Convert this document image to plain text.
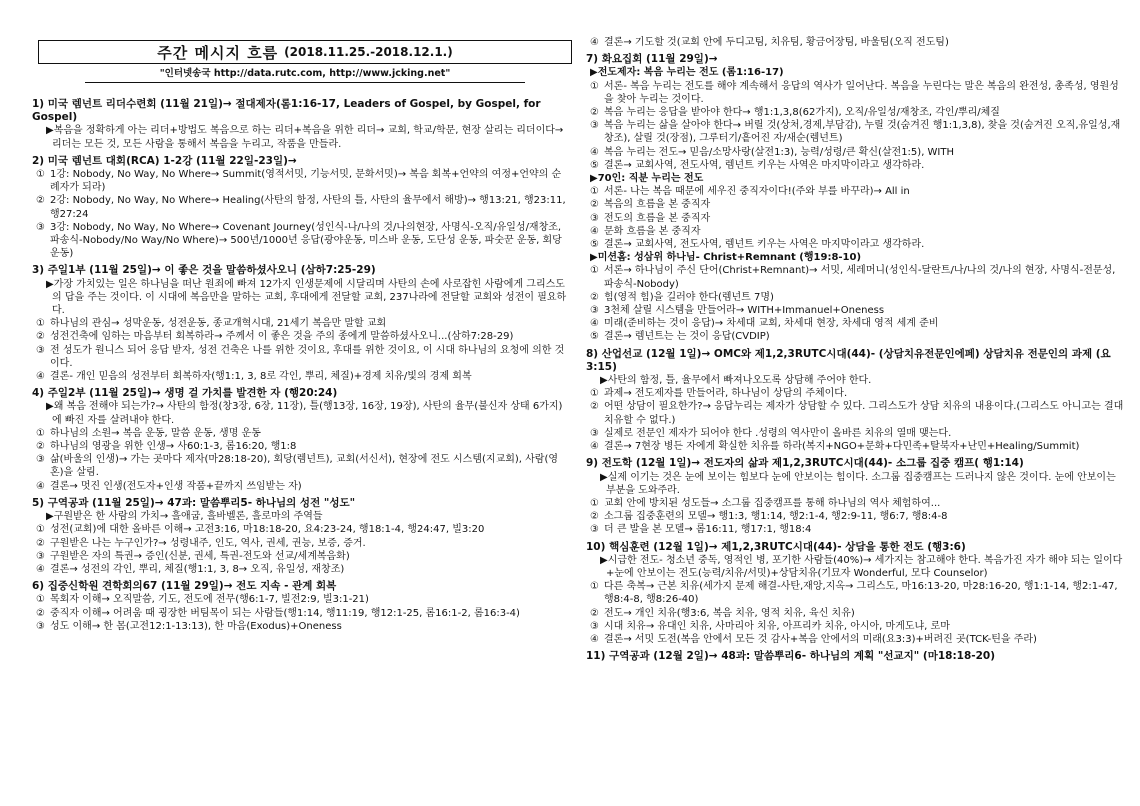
주간 메시지 흐름 (2018.11.25.-2018.12.1.)
"인터넷송국 http://data.rutc.com, http://www.jcking.net"
1) 미국 렘넌트 리더수련회 (11월 21일)→ 절대제자(롬1:16-17, Leaders of Gospel, by Gospel, for Gospel)
▶복음을 정확하게 아는 리더+방법도 복음으로 하는 리더+복음을 위한 리더→ 교회, 학교/학문, 현장 살리는 리더이다→ 리더는 모든 것, 모든 사람을 통해서 복음을 누리고, 작품을 만들라.
2) 미국 렘넌트 대회(RCA) 1-2강 (11월 22일-23일)→
① 1강: Nobody, No Way, No Where→ Summit(영적서밋, 기능서밋, 문화서밋)→ 복음 회복+언약의 여정+언약의 순례자가 되라)
② 2강: Nobody, No Way, No Where→ Healing(사탄의 함정, 사탄의 틀, 사탄의 율무에서 해방)→ 행13:21, 행23:11, 행27:24
③ 3강: Nobody, No Way, No Where→ Covenant Journey(성인식-나/나의 것/나의현장, 사명식-오직/유일성/재창조, 파송식-Nobody/No Way/No Where)→ 500년/1000년 응답(광야운동, 미스바 운동, 도단성 운동, 파숫꾼 운동, 회당 운동)
3) 주일1부 (11월 25일)→ 이 좋은 것을 말씀하셨사오니 (삼하7:25-29)
▶가장 가치있는 일은 하나님을 떠난 원죄에 빠져 12가지 인생문제에 시달리며 사탄의 손에 사로잡힌 사람에게 그리스도의 답을 주는 것이다. 이 시대에 복음만을 말하는 교회, 후대에게 전달할 교회, 237나라에 전달할 교회와 성전이 필요하다.
① 하나님의 관심→ 성막운동, 성전운동, 종교개혁시대, 21세기 복음만 말할 교회
② 성전건축에 임하는 마음부터 회복하라→ 주께서 이 좋은 것을 주의 종에게 말씀하셨사오니...(삼하7:28-29)
③ 전 성도가 원니스 되어 응답 받자, 성전 건축은 나를 위한 것이요, 후대를 위한 것이요, 이 시대 하나님의 요청에 의한 것이다.
④ 결론- 개인 믿음의 성전부터 회복하자(행1:1, 3, 8로 각인, 뿌리, 체질)+경제 치유/빛의 경제 회복
4) 주일2부 (11월 25일)→ 생명 걸 가치를 발견한 자 (행20:24)
▶왜 복음 전해야 되는가?→ 사탄의 함정(창3장, 6장, 11장), 틀(행13장, 16장, 19장), 사탄의 율무(불신자 상태 6가지)에 빠진 자를 살려내야 한다.
① 하나님의 소원→ 복음 운동, 말씀 운동, 생명 운동
② 하나님의 영광을 위한 인생→ 사60:1-3, 롬16:20, 행1:8
③ 삶(바울의 인생)→ 가는 곳마다 제자(마28:18-20), 회당(렘넌트), 교회(서신서), 현장에 전도 시스템(지교회), 사람(영혼)을 살림.
④ 결론→ 멋진 인생(전도자+인생 작품+끝까지 쓰임받는 자)
5) 구역공과 (11월 25일)→ 47과: 말씀뿌리5- 하나님의 성전 "성도"
▶구원받은 한 사람의 가치→ 흘애굽, 흘바벨론, 흘로마의 주역들
① 성전(교회)에 대한 올바른 이해→ 고전3:16, 마18:18-20, 요4:23-24, 행18:1-4, 행24:47, 빌3:20
② 구원받은 나는 누구인가?→ 성령내주, 인도, 역사, 권세, 권능, 보증, 증거.
③ 구원받은 자의 특권→ 증인(신분, 권세, 특권-전도와 선교/세계복음화)
④ 결론→ 성전의 각인, 뿌리, 체질(행1:1, 3, 8→ 오직, 유일성, 재창조)
6) 집중신학원 견학회의67 (11월 29일)→ 전도 지속 - 관계 회복
① 목회자 이해→ 오직말씀, 기도, 전도에 전무(행6:1-7, 빌전2:9, 빌3:1-21)
② 중직자 이해→ 어려움 때 굉장한 버팀목이 되는 사람들(행1:14, 행11:19, 행12:1-25, 롬16:1-2, 롬16:3-4)
③ 성도 이해→ 한 몸(고전12:1-13:13), 한 마음(Exodus)+Oneness
④ 결론→ 기도할 것(교회 안에 두디고팀, 치유팀, 황금어장팀, 바울팀(오직 전도팀)
7) 화요집회 (11월 29일)→
▶전도제자: 복음 누리는 전도 (롬1:16-17)
① 서론- 복음 누리는 전도를 해야 계속해서 응답의 역사가 일어난다. 복음을 누린다는 말은 복음의 완전성, 총족성, 영원성을 찾아 누리는 것이다.
② 복음 누리는 응답을 받아야 한다→ 행1:1,3,8(62가지), 오직/유일성/재창조, 각인/뿌리/체질
③ 복음 누리는 삶을 살아야 한다→ 버릴 것(상처,경제,부담감), 누릴 것(숨겨진 행1:1,3,8), 찾을 것(숨겨진 오직,유일성,재창조), 살릴 것(장점), 그루터기/흩어진 자/새순(렘넌트)
④ 복음 누리는 전도→ 믿음/소망사랑(살전1:3), 능력/성령/큰 확신(살전1:5), WITH
⑤ 결론→ 교회사역, 전도사역, 렘넌트 키우는 사역은 마지막이라고 생각하라.
▶70인: 직분 누리는 전도
① 서론- 나는 복음 때문에 세우진 중직자이다!(주와 부를 바꾸라)→ All in
② 복음의 흐름을 본 중직자
③ 전도의 흐름을 본 중직자
④ 문화 흐름을 본 중직자
⑤ 결론→ 교회사역, 전도사역, 렘넌트 키우는 사역은 마지막이라고 생각하라.
▶미션홈: 성삼위 하나님- Christ+Remnant (행19:8-10)
① 서론→ 하나님이 주신 단어(Christ+Remnant)→ 서밋, 세레머니(성인식-달란트/나/나의 것/나의 현장, 사명식-전문성, 파송식-Nobody)
② 힘(영적 힘)을 길러야 한다(렘넌트 7명)
③ 3천체 살릴 시스템을 만들어라→ WITH+Immanuel+Oneness
④ 미래(준비하는 것이 응답)→ 차세대 교회, 차세대 현장, 차세대 영적 세계 준비
⑤ 결론→ 렘넌트는 는 것이 응답(CVDIP)
8) 산업선교 (12월 1일)→ OMC와 제1,2,3RUTC시대(44)- (상담치유전문인에페) 상담치유 전문인의 과제 (요3:15)
▶사탄의 함정, 틀, 율무에서 빠져나오도록 상담해 주어야 한다.
① 과제→ 전도제자를 만들어라, 하나님이 상담의 주체이다.
② 어떤 상담이 필요한가?→ 응답누리는 제자가 상담할 수 있다. 그리스도가 상담 치유의 내용이다.(그리스도 아니고는 결대 치유할 수 없다.)
③ 실제로 전문인 제자가 되어야 한다 .성령의 역사만이 올바른 치유의 열매 맺는다.
④ 결론→ 7현장 병든 자에게 확실한 치유를 하라(복지+NGO+문화+다민족+탈북자+난민+Healing/Summit)
9) 전도학 (12월 1일)→ 전도자의 삶과 제1,2,3RUTC시대(44)- 소그룹 집중 캠프( 행1:14)
▶실제 이기는 것은 눈에 보이는 힘보다 눈에 안보이는 힘이다. 소그룹 집중캠프는 드러나지 않은 것이다. 눈에 안보이는 부분을 도와주라.
① 교회 안에 방치된 성도들→ 소그룹 집중캠프를 통해 하나님의 역사 체험하여...
② 소그룹 집중훈련의 모델→ 행1:3, 행1:14, 행2:1-4, 행2:9-11, 행6:7, 행8:4-8
③ 더 큰 발을 본 모델→ 롬16:11, 행17:1, 행18:4
10) 핵심훈련 (12월 1일)→ 제1,2,3RUTC시대(44)- 상담을 통한 전도 (행3:6)
▶시급한 전도- 청소년 중독, 영적인 병, 포기한 사람들(40%)→ 세가지는 참고해야 한다. 복음가진 자가 해야 되는 일이다+눈에 안보이는 전도(능력/치유/서밋)+상담치유(기묘자 Wonderful, 모다 Counselor)
① 다른 축복→ 근본 치유(세가지 문제 해결-사탄,재앙,지옥→ 그리스도, 마16:13-20, 마28:16-20, 행1:1-14, 행2:1-47, 행8:4-8, 행8:26-40)
② 전도→ 개인 치유(행3:6, 복음 치유, 영적 치유, 육신 치유)
③ 시대 치유→ 유대인 치유, 사마리아 치유, 아프리카 치유, 아시아, 마게도냐, 로마
④ 결론→ 서밋 도전(복음 안에서 모든 것 감사+복음 안에서의 미래(요3:3)+버려진 곳(TCK-틴을 주라)
11) 구역공과 (12월 2일)→ 48과: 말씀뿌리6- 하나님의 계획 "선교지" (마18:18-20)
